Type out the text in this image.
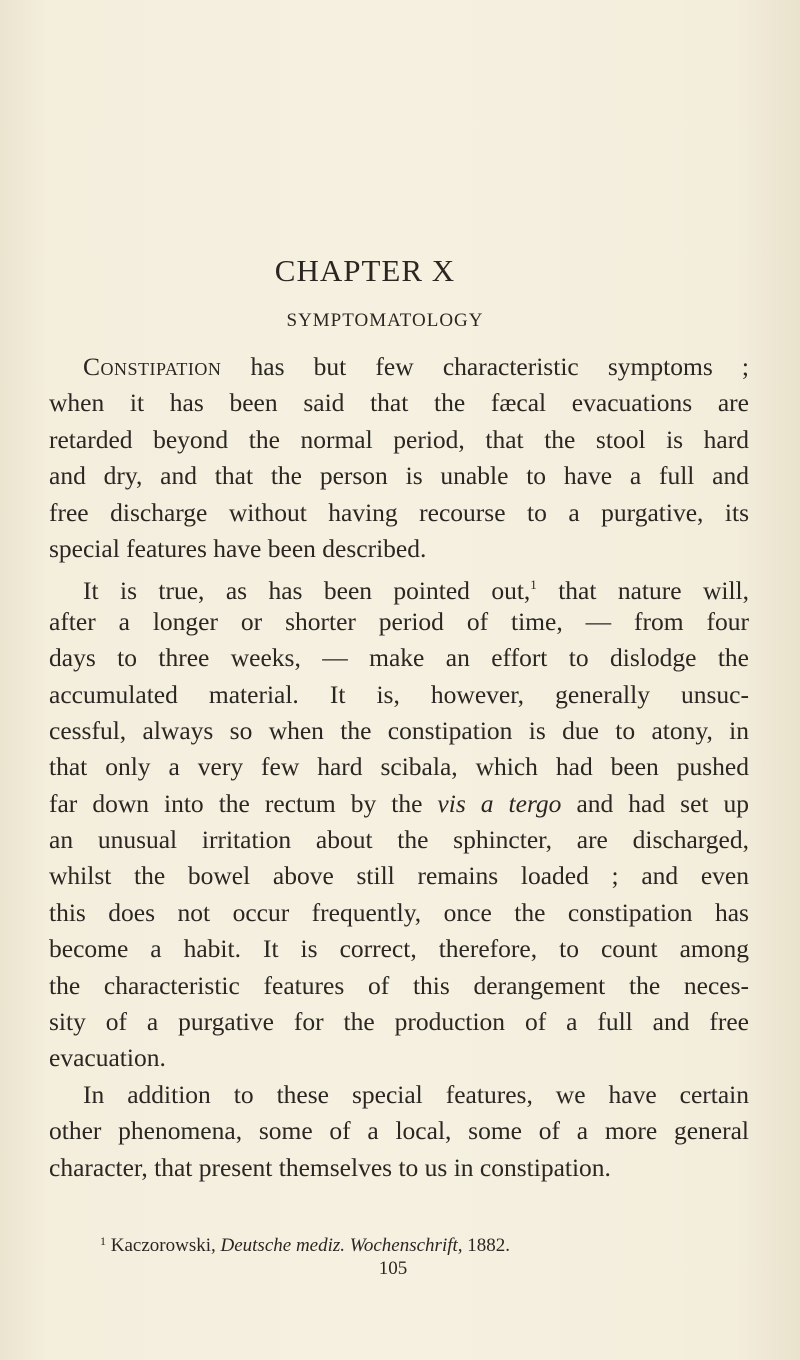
CHAPTER X
SYMPTOMATOLOGY
Constipation has but few characteristic symptoms ;
when it has been said that the fæcal evacuations are
retarded beyond the normal period, that the stool is hard
and dry, and that the person is unable to have a full and
free discharge without having recourse to a purgative, its
special features have been described.
It is true, as has been pointed out,$^1$ that nature will,
after a longer or shorter period of time, — from four
days to three weeks, — make an effort to dislodge the
accumulated material. It is, however, generally unsuc-
cessful, always so when the constipation is due to atony, in
that only a very few hard scibala, which had been pushed
far down into the rectum by the vis a tergo and had set up
an unusual irritation about the sphincter, are discharged,
whilst the bowel above still remains loaded ; and even
this does not occur frequently, once the constipation has
become a habit. It is correct, therefore, to count among
the characteristic features of this derangement the neces-
sity of a purgative for the production of a full and free
evacuation.
In addition to these special features, we have certain
other phenomena, some of a local, some of a more general
character, that present themselves to us in constipation.
$^1$ Kaczorowski, Deutsche mediz. Wochenschrift, 1882.
105
